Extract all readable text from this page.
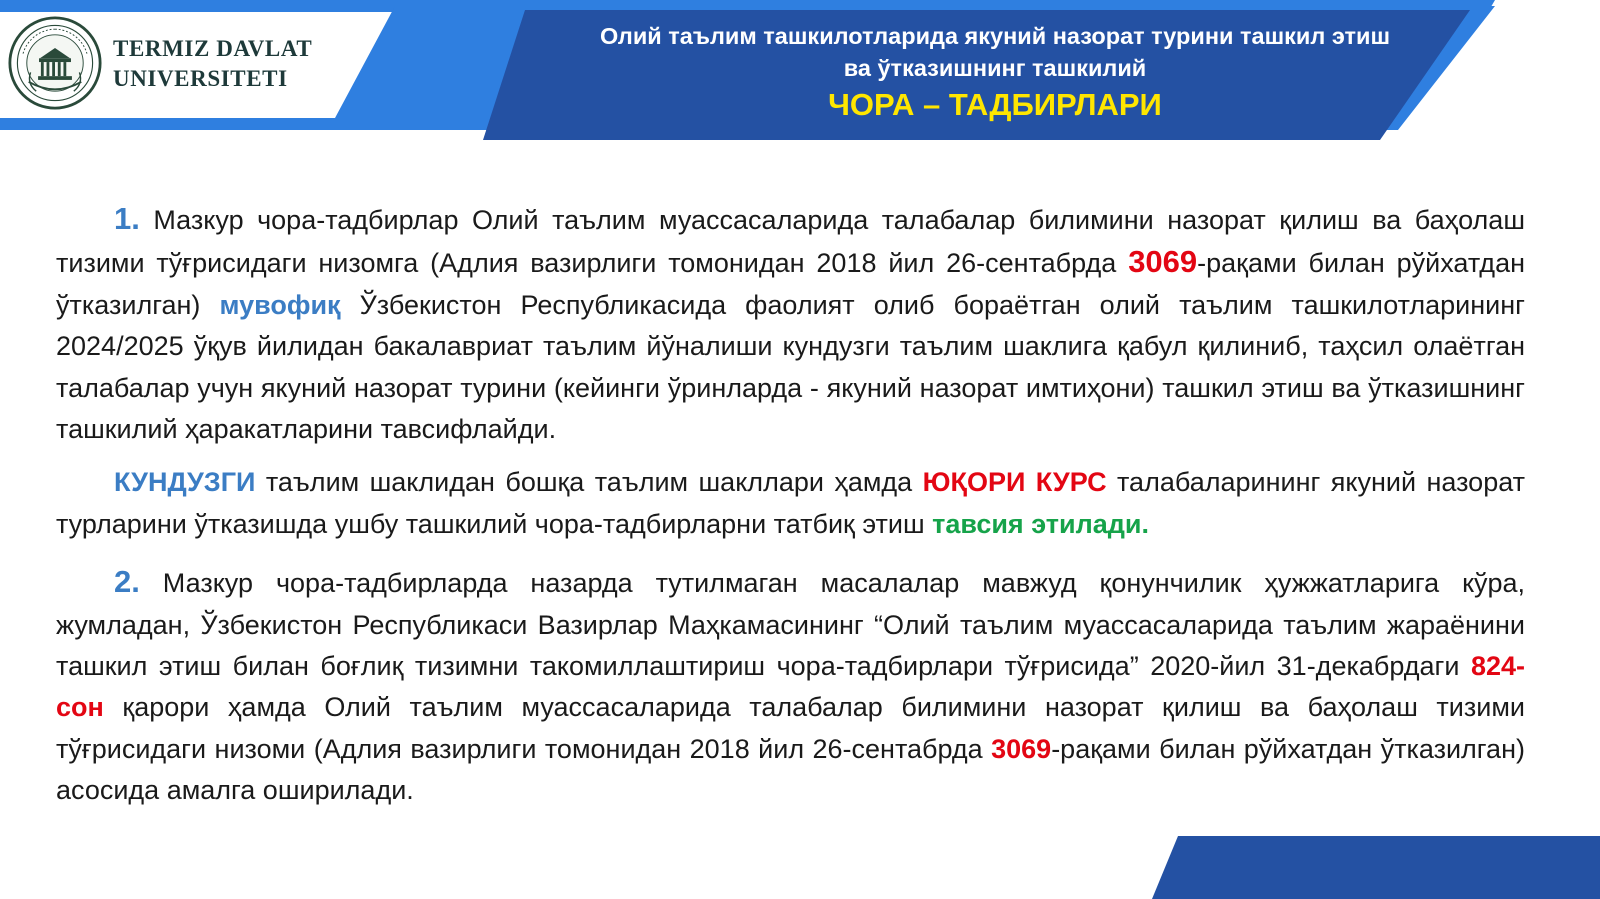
TERMIZ DAVLAT
UNIVERSITETI
Олий таълим ташкилотларида якуний назорат турини ташкил этиш
ва ўтказишнинг ташкилий
ЧОРА – ТАДБИРЛАРИ

1. Мазкур чора-тадбирлар Олий таълим муассасаларида талабалар билимини назорат қилиш ва баҳолаш тизими тўғрисидаги низомга (Адлия вазирлиги томонидан 2018 йил 26-сентабрда 3069-рақами билан рўйхатдан ўтказилган) мувофиқ Ўзбекистон Республикасида фаолият олиб бораётган олий таълим ташкилотларининг 2024/2025 ўқув йилидан бакалавриат таълим йўналиши кундузги таълим шаклига қабул қилиниб, таҳсил олаётган талабалар учун якуний назорат турини (кейинги ўринларда - якуний назорат имтиҳони) ташкил этиш ва ўтказишнинг ташкилий ҳаракатларини тавсифлайди.

КУНДУЗГИ таълим шаклидан бошқа таълим шакллари ҳамда ЮҚОРИ КУРС талабаларининг якуний назорат турларини ўтказишда ушбу ташкилий чора-тадбирларни татбиқ этиш тавсия этилади.

2. Мазкур чора-тадбирларда назарда тутилмаган масалалар мавжуд қонунчилик ҳужжатларига кўра, жумладан, Ўзбекистон Республикаси Вазирлар Маҳкамасининг “Олий таълим муассасаларида таълим жараёнини ташкил этиш билан боғлиқ тизимни такомиллаштириш чора-тадбирлари тўғрисида” 2020-йил 31-декабрдаги 824-сон қарори ҳамда Олий таълим муассасаларида талабалар билимини назорат қилиш ва баҳолаш тизими тўғрисидаги низоми (Адлия вазирлиги томонидан 2018 йил 26-сентабрда 3069-рақами билан рўйхатдан ўтказилган) асосида амалга оширилади.
